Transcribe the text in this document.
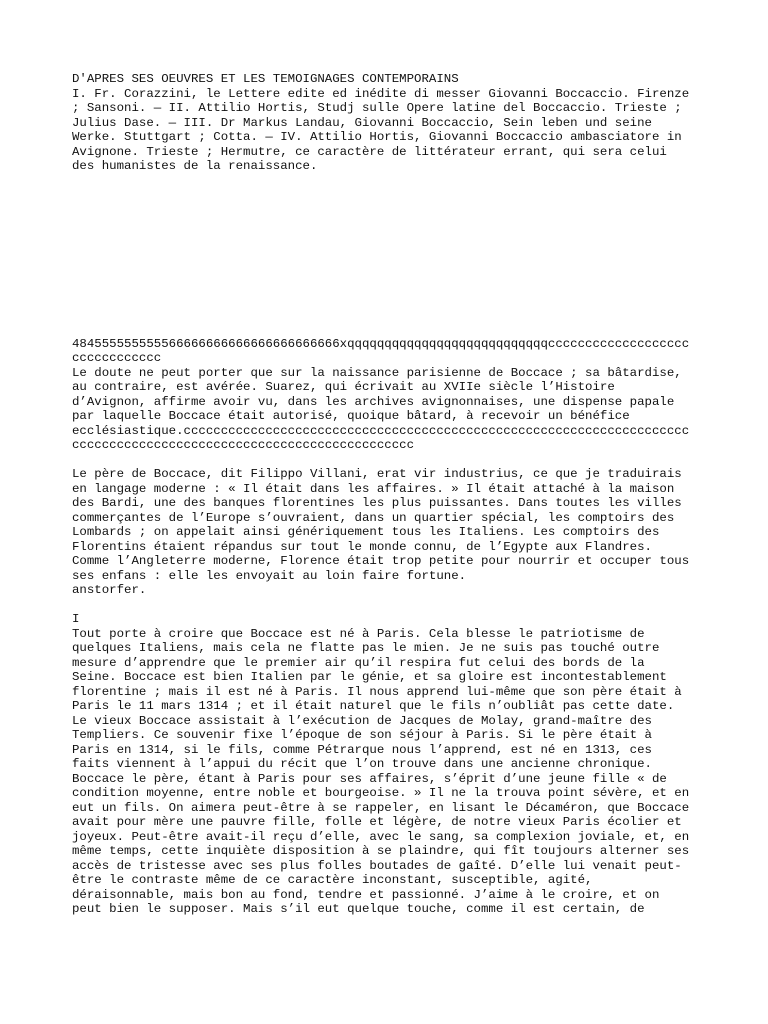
D'APRES SES OEUVRES ET LES TEMOIGNAGES CONTEMPORAINS
I. Fr. Corazzini, le Lettere edite ed inédite di messer Giovanni Boccaccio. Firenze
; Sansoni. — II. Attilio Hortis, Studj sulle Opere latine del Boccaccio. Trieste ;
Julius Dase. — III. Dr Markus Landau, Giovanni Boccaccio, Sein leben und seine
Werke. Stuttgart ; Cotta. — IV. Attilio Hortis, Giovanni Boccaccio ambasciatore in
Avignone. Trieste ; Hermutre, ce caractère de littérateur errant, qui sera celui
des humanistes de la renaissance.
484555555555566666666666666666666666xqqqqqqqqqqqqqqqqqqqqqqqqqqqccccccccccccccccccc
cccccccccccc
Le doute ne peut porter que sur la naissance parisienne de Boccace ; sa bâtardise,
au contraire, est avérée. Suarez, qui écrivait au XVIIe siècle l’Histoire
d’Avignon, affirme avoir vu, dans les archives avignonnaises, une dispense papale
par laquelle Boccace était autorisé, quoique bâtard, à recevoir un bénéfice
ecclésiastique.cccccccccccccccccccccccccccccccccccccccccccccccccccccccccccccccccccc
cccccccccccccccccccccccccccccccccccccccccccccc
Le père de Boccace, dit Filippo Villani, erat vir industrius, ce que je traduirais
en langage moderne : « Il était dans les affaires. » Il était attaché à la maison
des Bardi, une des banques florentines les plus puissantes. Dans toutes les villes
commerçantes de l’Europe s’ouvraient, dans un quartier spécial, les comptoirs des
Lombards ; on appelait ainsi génériquement tous les Italiens. Les comptoirs des
Florentins étaient répandus sur tout le monde connu, de l’Egypte aux Flandres.
Comme l’Angleterre moderne, Florence était trop petite pour nourrir et occuper tous
ses enfans : elle les envoyait au loin faire fortune.
anstorfer.
I
Tout porte à croire que Boccace est né à Paris. Cela blesse le patriotisme de
quelques Italiens, mais cela ne flatte pas le mien. Je ne suis pas touché outre
mesure d’apprendre que le premier air qu’il respira fut celui des bords de la
Seine. Boccace est bien Italien par le génie, et sa gloire est incontestablement
florentine ; mais il est né à Paris. Il nous apprend lui-même que son père était à
Paris le 11 mars 1314 ; et il était naturel que le fils n’oubliât pas cette date.
Le vieux Boccace assistait à l’exécution de Jacques de Molay, grand-maître des
Templiers. Ce souvenir fixe l’époque de son séjour à Paris. Si le père était à
Paris en 1314, si le fils, comme Pétrarque nous l’apprend, est né en 1313, ces
faits viennent à l’appui du récit que l’on trouve dans une ancienne chronique.
Boccace le père, étant à Paris pour ses affaires, s’éprit d’une jeune fille « de
condition moyenne, entre noble et bourgeoise. » Il ne la trouva point sévère, et en
eut un fils. On aimera peut-être à se rappeler, en lisant le Décaméron, que Boccace
avait pour mère une pauvre fille, folle et légère, de notre vieux Paris écolier et
joyeux. Peut-être avait-il reçu d’elle, avec le sang, sa complexion joviale, et, en
même temps, cette inquiète disposition à se plaindre, qui fît toujours alterner ses
accès de tristesse avec ses plus folles boutades de gaîté. D’elle lui venait peut-
être le contraste même de ce caractère inconstant, susceptible, agité,
déraisonnable, mais bon au fond, tendre et passionné. J’aime à le croire, et on
peut bien le supposer. Mais s’il eut quelque touche, comme il est certain, de
